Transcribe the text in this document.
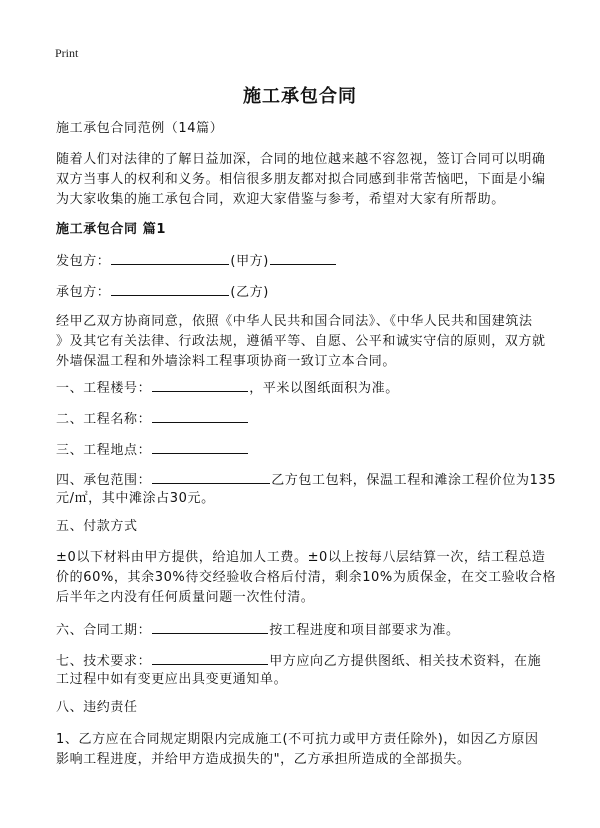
Print
施工承包合同
施工承包合同范例（14篇）
随着人们对法律的了解日益加深，合同的地位越来越不容忽视，签订合同可以明确
双方当事人的权利和义务。相信很多朋友都对拟合同感到非常苦恼吧，下面是小编
为大家收集的施工承包合同，欢迎大家借鉴与参考，希望对大家有所帮助。
施工承包合同 篇1
发包方：	(甲方)
承包方：	(乙方)
经甲乙双方协商同意，依照《中华人民共和国合同法》、《中华人民共和国建筑法
》及其它有关法律、行政法规，遵循平等、自愿、公平和诚实守信的原则，双方就
外墙保温工程和外墙涂料工程事项协商一致订立本合同。
一、工程楼号：	，平米以图纸面积为准。
二、工程名称：
三、工程地点：
四、承包范围：	乙方包工包料，保温工程和滩涂工程价位为135
元/㎡，其中滩涂占30元。
五、付款方式
±0以下材料由甲方提供，给追加人工费。±0以上按每八层结算一次，结工程总造
价的60%，其余30%待交经验收合格后付清，剩余10%为质保金，在交工验收合格
后半年之内没有任何质量问题一次性付清。
六、合同工期：	按工程进度和项目部要求为准。
七、技术要求：	甲方应向乙方提供图纸、相关技术资料，在施
工过程中如有变更应出具变更通知单。
八、违约责任
1、乙方应在合同规定期限内完成施工(不可抗力或甲方责任除外)，如因乙方原因
影响工程进度，并给甲方造成损失的"，乙方承担所造成的全部损失。
